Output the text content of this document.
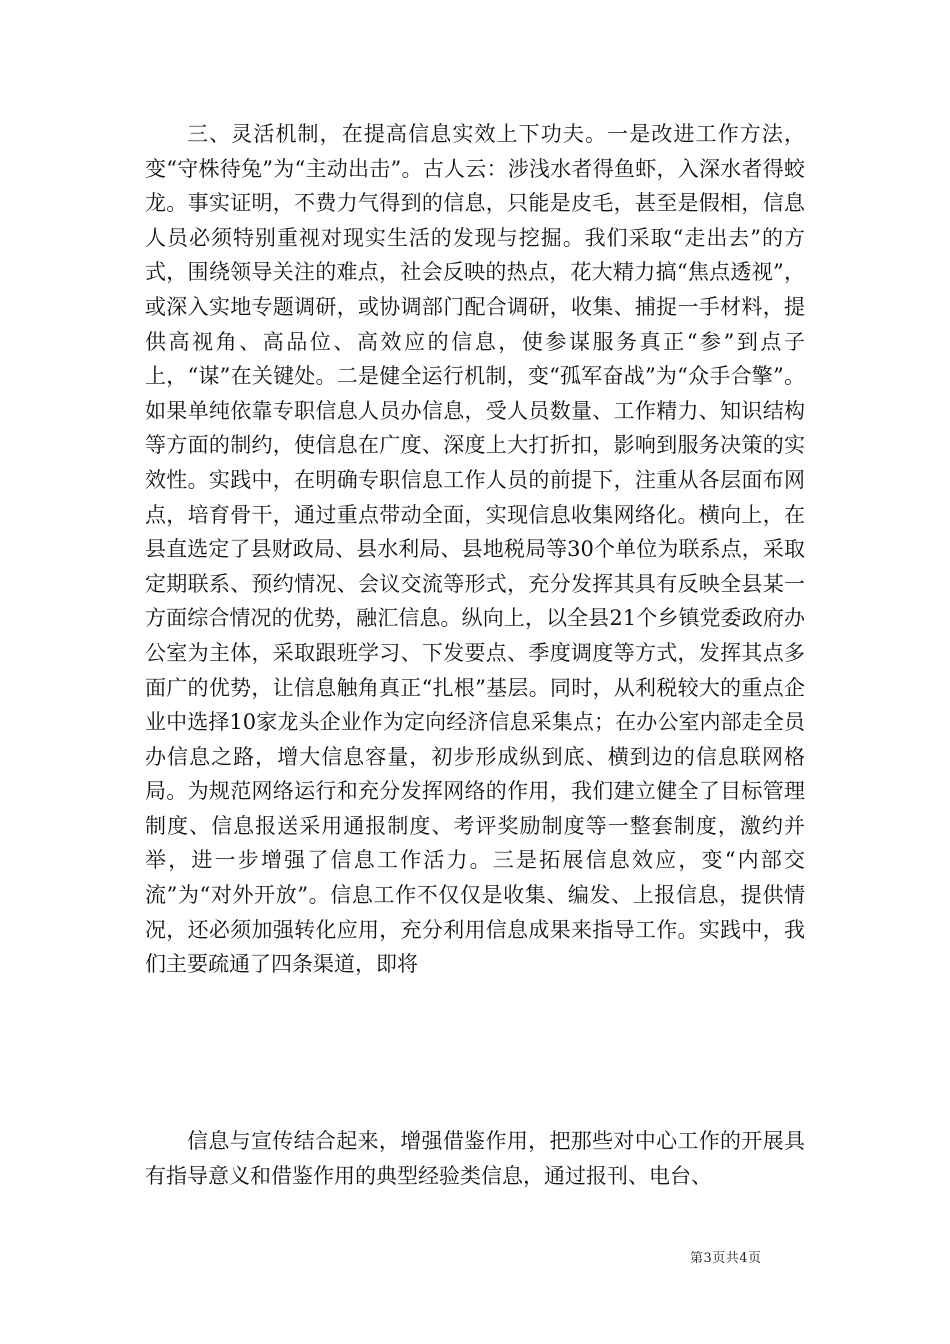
三、灵活机制，在提高信息实效上下功夫。一是改进工作方法，变“守株待兔”为“主动出击”。古人云：涉浅水者得鱼虾，入深水者得蛟龙。事实证明，不费力气得到的信息，只能是皮毛，甚至是假相，信息人员必须特别重视对现实生活的发现与挖掘。我们采取“走出去”的方式，围绕领导关注的难点，社会反映的热点，花大精力搞“焦点透视”，或深入实地专题调研，或协调部门配合调研，收集、捕捉一手材料，提供高视角、高品位、高效应的信息，使参谋服务真正“参”到点子上，“谋”在关键处。二是健全运行机制，变“孤军奋战”为“众手合擎”。如果单纯依靠专职信息人员办信息，受人员数量、工作精力、知识结构等方面的制约，使信息在广度、深度上大打折扣，影响到服务决策的实效性。实践中，在明确专职信息工作人员的前提下，注重从各层面布网点，培育骨干，通过重点带动全面，实现信息收集网络化。横向上，在县直选定了县财政局、县水利局、县地税局等30个单位为联系点，采取定期联系、预约情况、会议交流等形式，充分发挥其具有反映全县某一方面综合情况的优势，融汇信息。纵向上，以全县21个乡镇党委政府办公室为主体，采取跟班学习、下发要点、季度调度等方式，发挥其点多面广的优势，让信息触角真正“扎根”基层。同时，从利税较大的重点企业中选择10家龙头企业作为定向经济信息采集点；在办公室内部走全员办信息之路，增大信息容量，初步形成纵到底、横到边的信息联网格局。为规范网络运行和充分发挥网络的作用，我们建立健全了目标管理制度、信息报送采用通报制度、考评奖励制度等一整套制度，激约并举，进一步增强了信息工作活力。三是拓展信息效应，变“内部交流”为“对外开放”。信息工作不仅仅是收集、编发、上报信息，提供情况，还必须加强转化应用，充分利用信息成果来指导工作。实践中，我们主要疏通了四条渠道，即将

信息与宣传结合起来，增强借鉴作用，把那些对中心工作的开展具有指导意义和借鉴作用的典型经验类信息，通过报刊、电台、

第3页共4页
